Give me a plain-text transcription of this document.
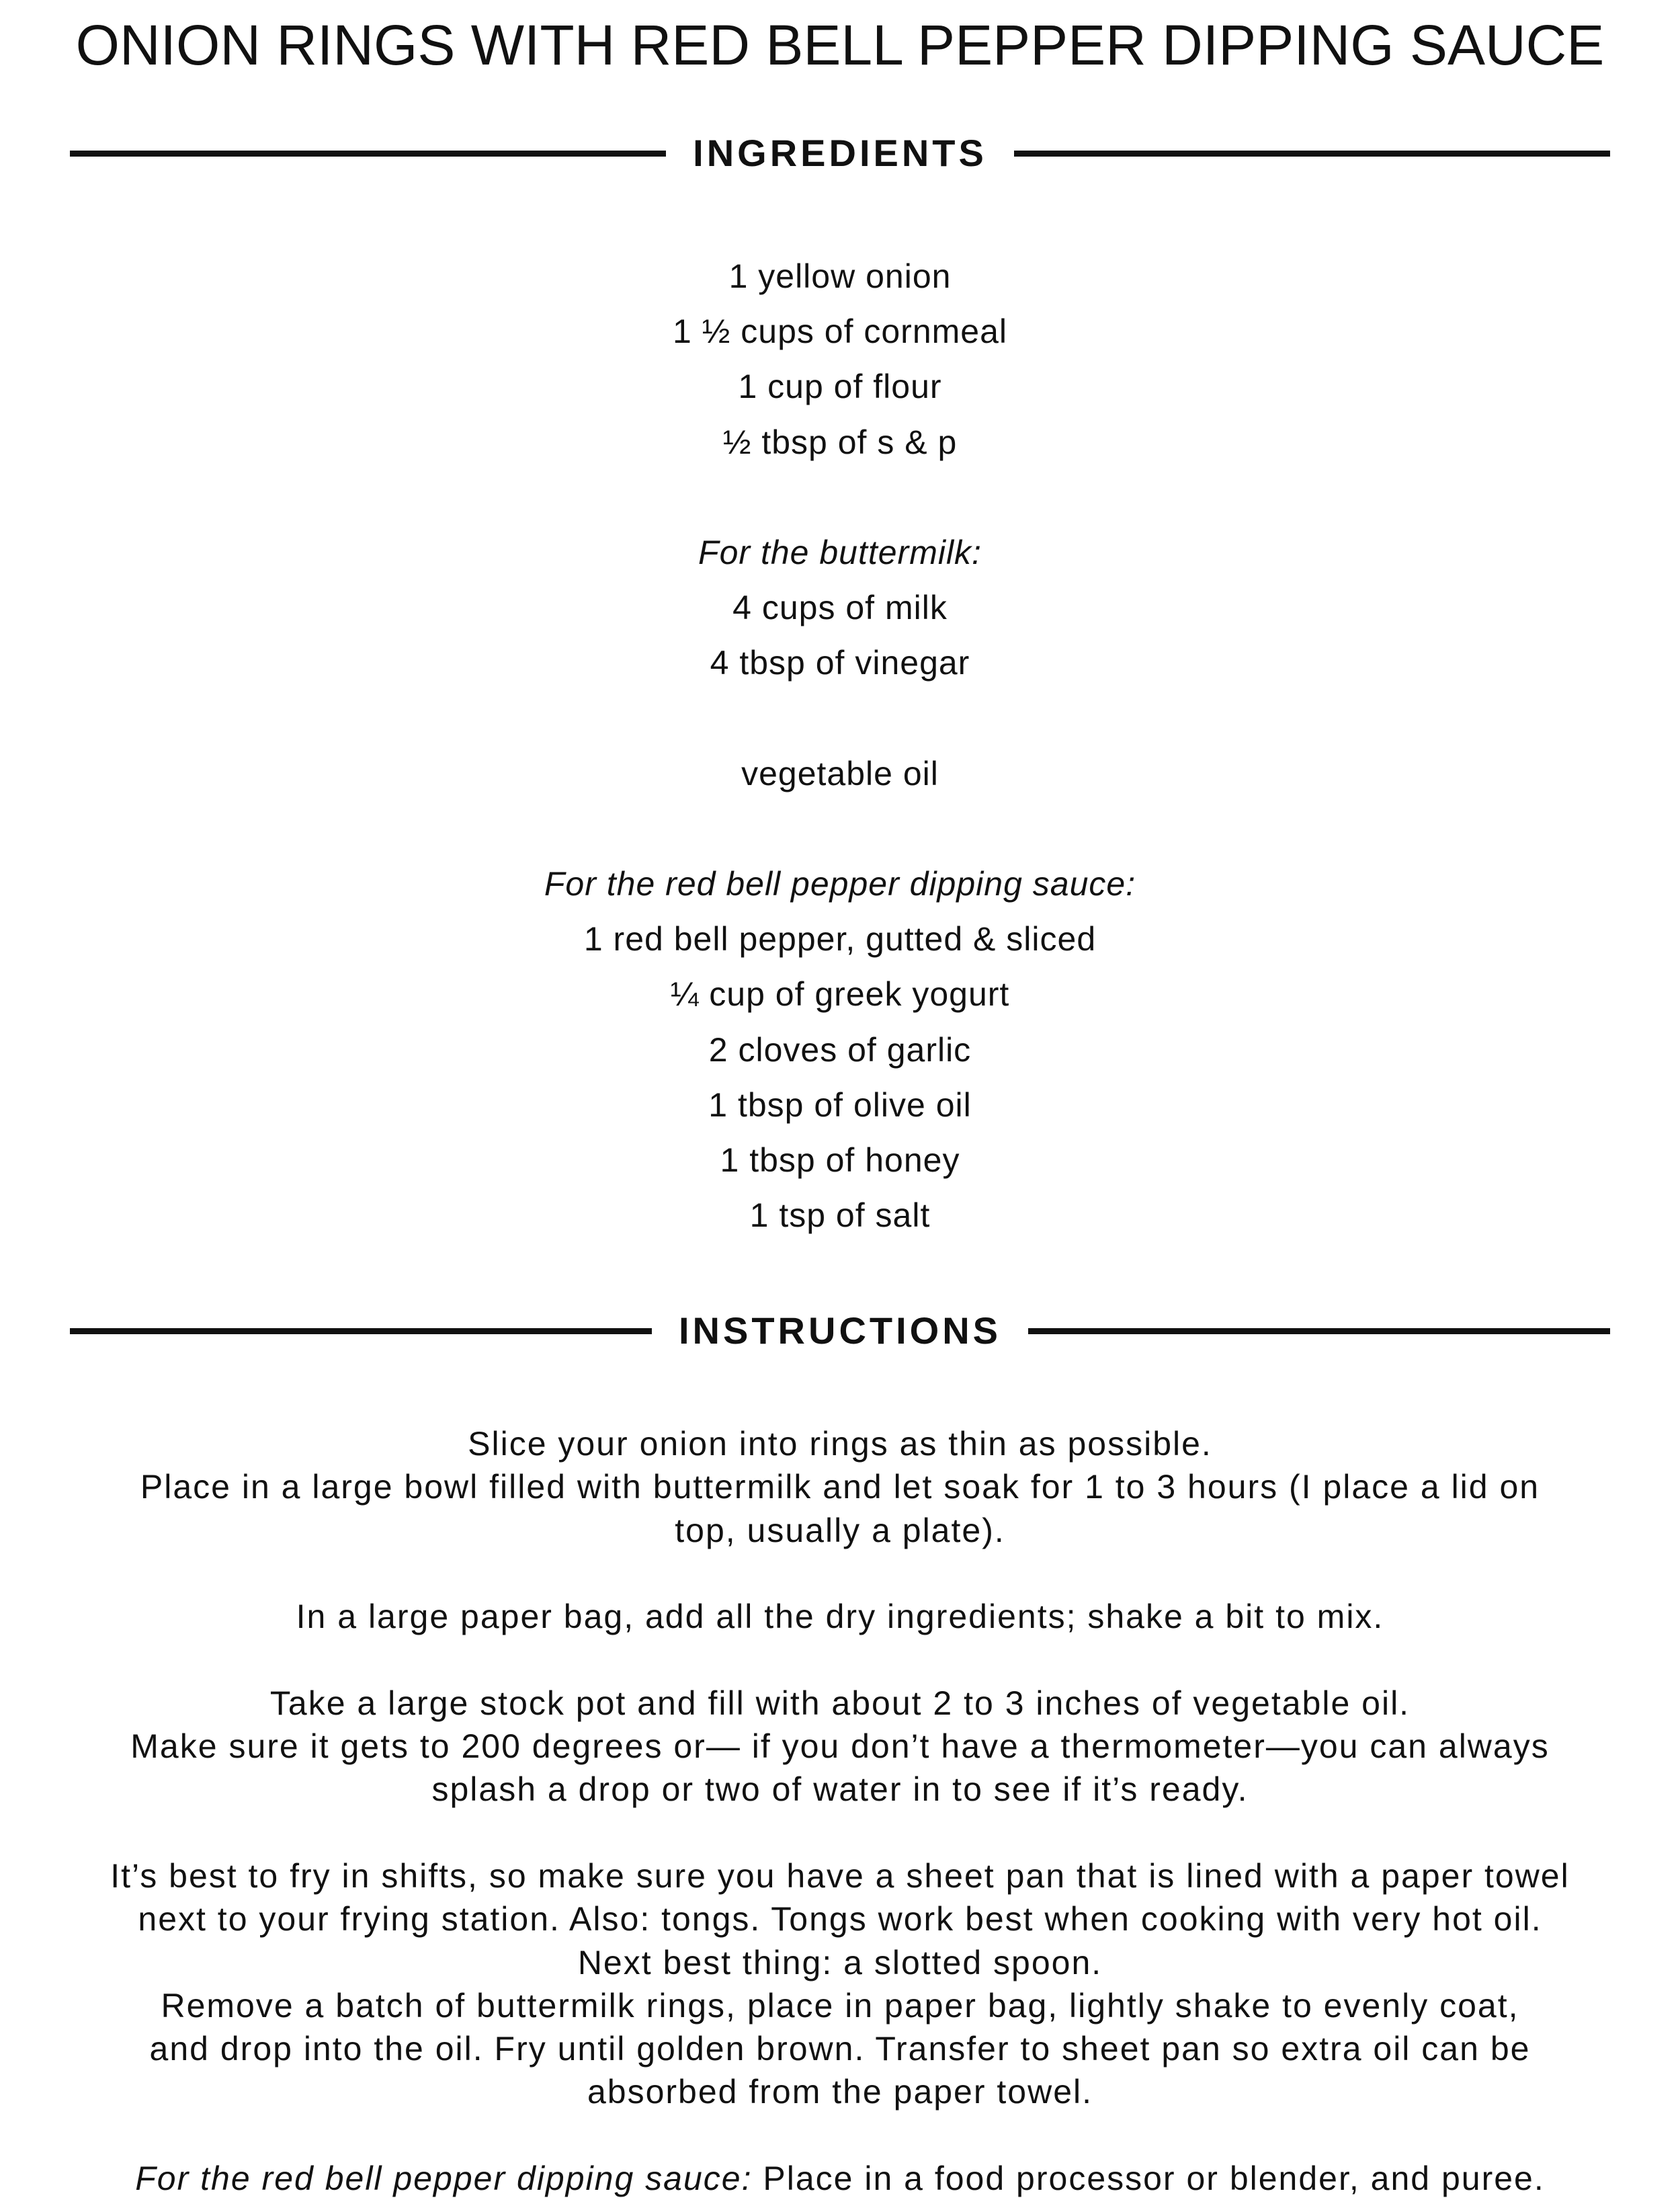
ONION RINGS WITH RED BELL PEPPER DIPPING SAUCE
INGREDIENTS
1 yellow onion
1 ½ cups of cornmeal
1 cup of flour
½ tbsp of s & p
For the buttermilk:
4 cups of milk
4 tbsp of vinegar
vegetable oil
For the red bell pepper dipping sauce:
1 red bell pepper, gutted & sliced
¼ cup of greek yogurt
2 cloves of garlic
1 tbsp of olive oil
1 tbsp of honey
1 tsp of salt
INSTRUCTIONS

Slice your onion into rings as thin as possible.
Place in a large bowl filled with buttermilk and let soak for 1 to 3 hours (I place a lid on
top, usually a plate).

In a large paper bag, add all the dry ingredients; shake a bit to mix.

Take a large stock pot and fill with about 2 to 3 inches of vegetable oil.
Make sure it gets to 200 degrees or— if you don’t have a thermometer—you can always
splash a drop or two of water in to see if it’s ready.

It’s best to fry in shifts, so make sure you have a sheet pan that is lined with a paper towel
next to your frying station. Also: tongs. Tongs work best when cooking with very hot oil.
Next best thing: a slotted spoon.
Remove a batch of buttermilk rings, place in paper bag, lightly shake to evenly coat,
and drop into the oil. Fry until golden brown. Transfer to sheet pan so extra oil can be
absorbed from the paper towel.

For the red bell pepper dipping sauce: Place in a food processor or blender, and puree.
